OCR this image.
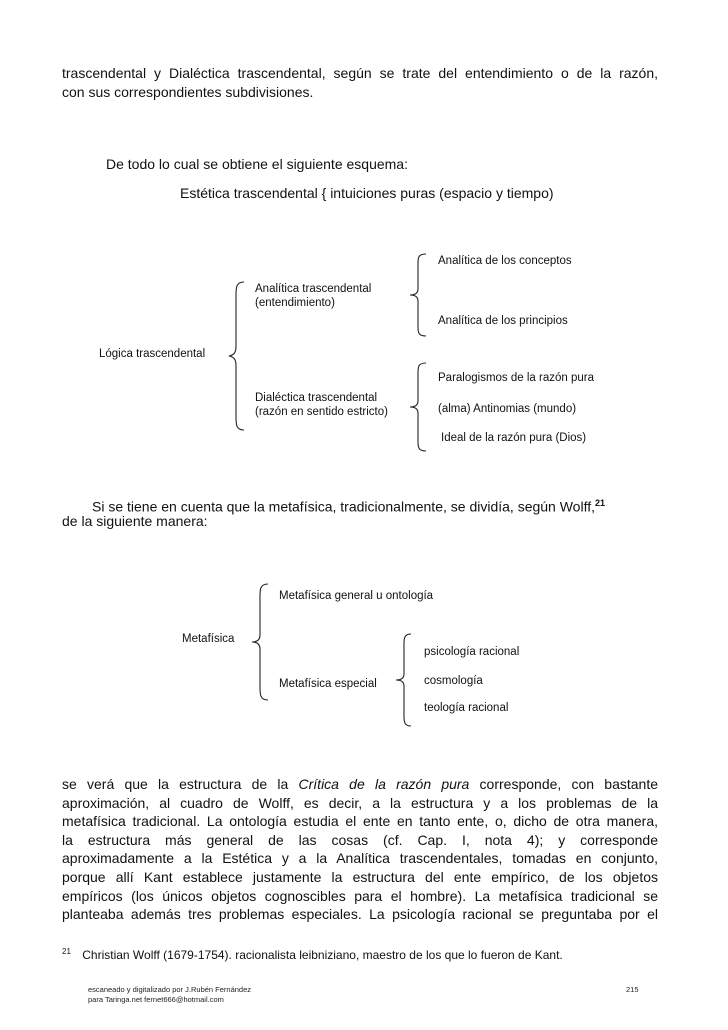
trascendental y Dialéctica trascendental, según se trate del entendimiento o de la razón,
con sus correspondientes subdivisiones.
De todo lo cual se obtiene el siguiente esquema:
Estética trascendental { intuiciones puras (espacio y tiempo)
Lógica trascendental
Analítica trascendental
(entendimiento)
Analítica de los conceptos
Analítica de los principios
Dialéctica trascendental
(razón en sentido estricto)
Paralogismos de la razón pura
(alma) Antinomias (mundo)
Ideal de la razón pura (Dios)
Si se tiene en cuenta que la metafísica, tradicionalmente, se dividía, según Wolff,$^{21}$
de la siguiente manera:
Metafísica
Metafísica general u ontología
Metafísica especial
psicología racional
cosmología
teología racional
se verá que la estructura de la Crítica de la razón pura corresponde, con bastante
aproximación, al cuadro de Wolff, es decir, a la estructura y a los problemas de la
metafísica tradicional. La ontología estudia el ente en tanto ente, o, dicho de otra manera,
la estructura más general de las cosas (cf. Cap. I, nota 4); y corresponde
aproximadamente a la Estética y a la Analítica trascendentales, tomadas en conjunto,
porque allí Kant establece justamente la estructura del ente empírico, de los objetos
empíricos (los únicos objetos cognoscibles para el hombre). La metafísica tradicional se
planteaba además tres problemas especiales. La psicología racional se preguntaba por el
$^{21}$ Christian Wolff (1679-1754). racionalista leibniziano, maestro de los que lo fueron de Kant.
escaneado y digitalizado por J.Rubén Fernández
para Taringa.net fernet666@hotmail.com
215
